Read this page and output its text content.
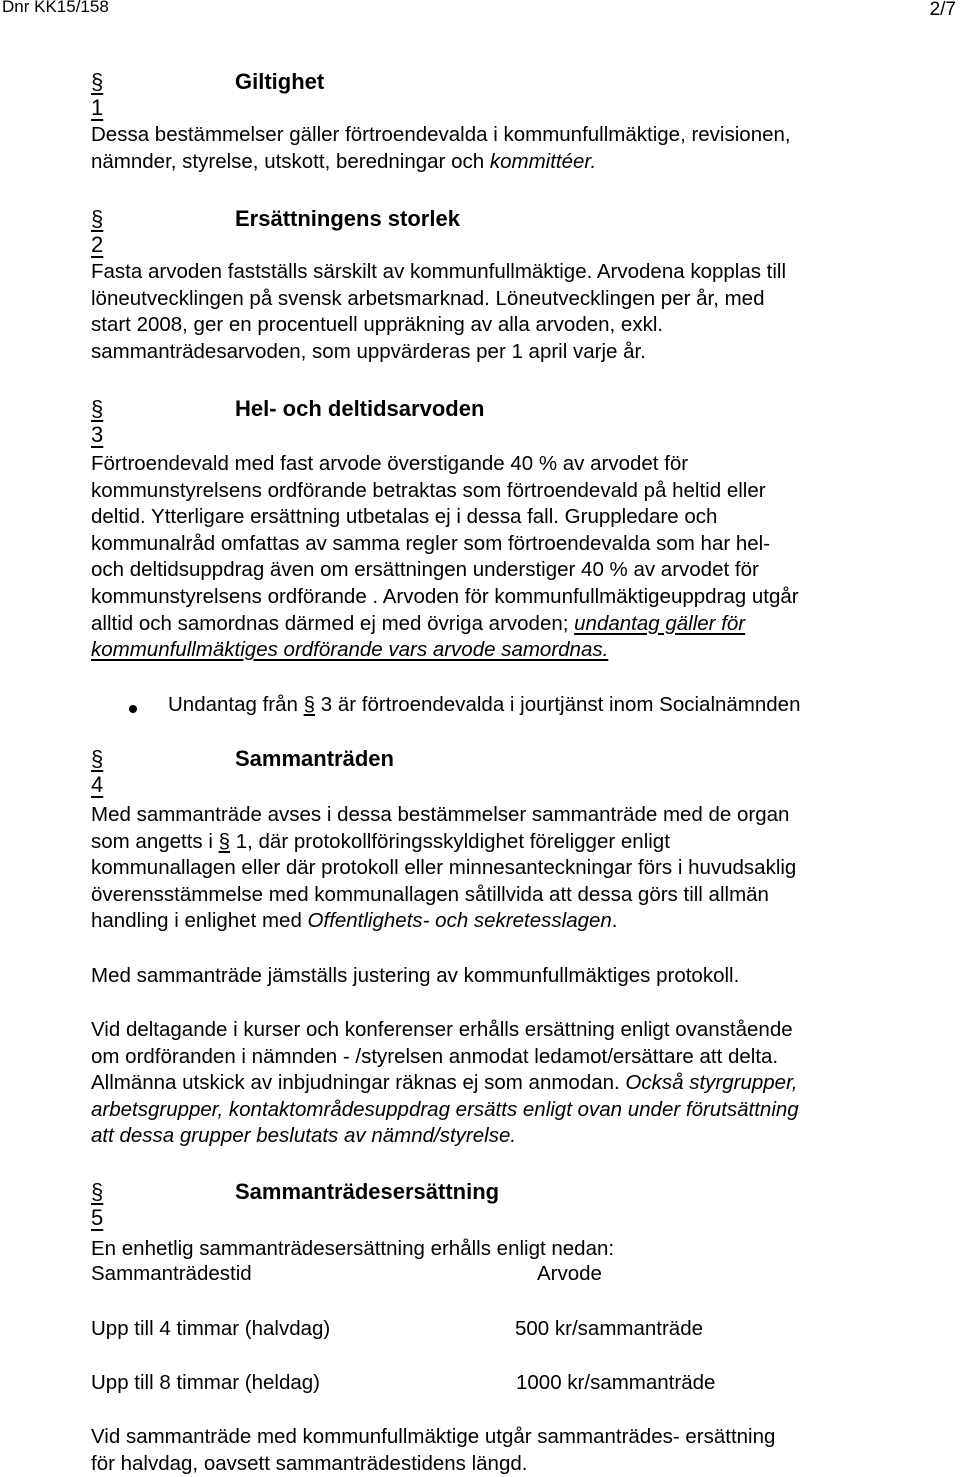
Dnr KK15/158	2/7
§ 1
Giltighet

Dessa bestämmelser gäller förtroendevalda i kommunfullmäktige, revisionen,
nämnder, styrelse, utskott, beredningar och kommittéer.

§ 2
Ersättningens storlek

Fasta arvoden fastställs särskilt av kommunfullmäktige. Arvodena kopplas till
löneutvecklingen på svensk arbetsmarknad. Löneutvecklingen per år, med
start 2008, ger en procentuell uppräkning av alla arvoden, exkl.
sammanträdesarvoden, som uppvärderas per 1 april varje år.

§ 3
Hel- och deltidsarvoden

Förtroendevald med fast arvode överstigande 40 % av arvodet för
kommunstyrelsens ordförande betraktas som förtroendevald på heltid eller
deltid. Ytterligare ersättning utbetalas ej i dessa fall. Gruppledare och
kommunalråd omfattas av samma regler som förtroendevalda som har hel-
och deltidsuppdrag även om ersättningen understiger 40 % av arvodet för
kommunstyrelsens ordförande . Arvoden för kommunfullmäktigeuppdrag utgår
alltid och samordnas därmed ej med övriga arvoden; undantag gäller för
kommunfullmäktiges ordförande vars arvode samordnas.

Undantag från § 3 är förtroendevalda i jourtjänst inom Socialnämnden
§ 4
Sammanträden

Med sammanträde avses i dessa bestämmelser sammanträde med de organ
som angetts i § 1, där protokollföringsskyldighet föreligger enligt
kommunallagen eller där protokoll eller minnesanteckningar förs i huvudsaklig
överensstämmelse med kommunallagen såtillvida att dessa görs till allmän
handling i enlighet med Offentlighets- och sekretesslagen.

Med sammanträde jämställs justering av kommunfullmäktiges protokoll.

Vid deltagande i kurser och konferenser erhålls ersättning enligt ovanstående
om ordföranden i nämnden - /styrelsen anmodat ledamot/ersättare att delta.
Allmänna utskick av inbjudningar räknas ej som anmodan. Också styrgrupper,
arbetsgrupper, kontaktområdesuppdrag ersätts enligt ovan under förutsättning
att dessa grupper beslutats av nämnd/styrelse.

§ 5
Sammanträdesersättning

En enhetlig sammanträdesersättning erhålls enligt nedan:

Sammanträdestid	Arvode
Upp till 4 timmar (halvdag)	500 kr/sammanträde
Upp till 8 timmar (heldag)	1000 kr/sammanträde

Vid sammanträde med kommunfullmäktige utgår sammanträdes- ersättning
för halvdag, oavsett sammanträdestidens längd.
